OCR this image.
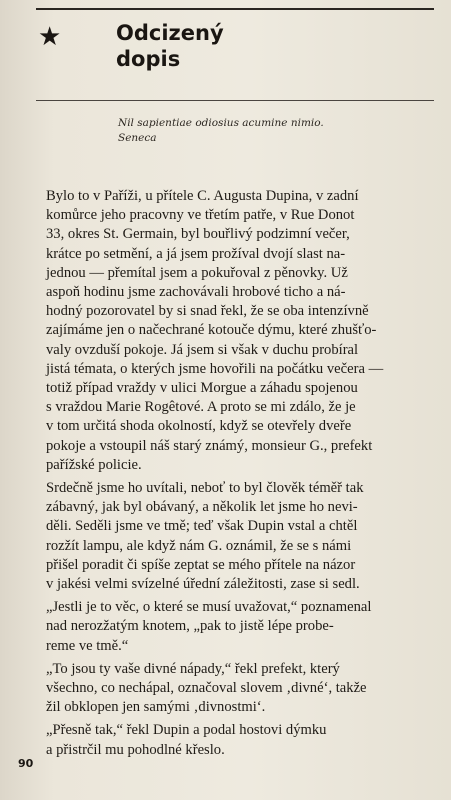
★	Odcizený
dopis
Nil sapientiae odiosius acumine nimio.
Seneca
Bylo to v Paříži, u přítele C. Augusta Dupina, v zadní
komůrce jeho pracovny ve třetím patře, v Rue Donot
33, okres St. Germain, byl bouřlivý podzimní večer,
krátce po setmění, a já jsem prožíval dvojí slast na-
jednou — přemítal jsem a pokuřoval z pěnovky. Už
aspoň hodinu jsme zachovávali hrobové ticho a ná-
hodný pozorovatel by si snad řekl, že se oba intenzívně
zajímáme jen o načechrané kotouče dýmu, které zhušťo-
valy ovzduší pokoje. Já jsem si však v duchu probíral
jistá témata, o kterých jsme hovořili na počátku večera —
totiž případ vraždy v ulici Morgue a záhadu spojenou
s vraždou Marie Rogêtové. A proto se mi zdálo, že je
v tom určitá shoda okolností, když se otevřely dveře
pokoje a vstoupil náš starý známý, monsieur G., prefekt
pařížské policie.
Srdečně jsme ho uvítali, neboť to byl člověk téměř tak
zábavný, jak byl obávaný, a několik let jsme ho nevi-
děli. Seděli jsme ve tmě; teď však Dupin vstal a chtěl
rozžít lampu, ale když nám G. oznámil, že se s námi
přišel poradit či spíše zeptat se mého přítele na názor
v jakési velmi svízelné úřední záležitosti, zase si sedl.
„Jestli je to věc, o které se musí uvažovat,“ poznamenal
nad nerozžatým knotem, „pak to jistě lépe probe-
reme ve tmě.“
„To jsou ty vaše divné nápady,“ řekl prefekt, který
všechno, co nechápal, označoval slovem ‚divné‘, takže
žil obklopen jen samými ‚divnostmi‘.
„Přesně tak,“ řekl Dupin a podal hostovi dýmku
a přistrčil mu pohodlné křeslo.
90
